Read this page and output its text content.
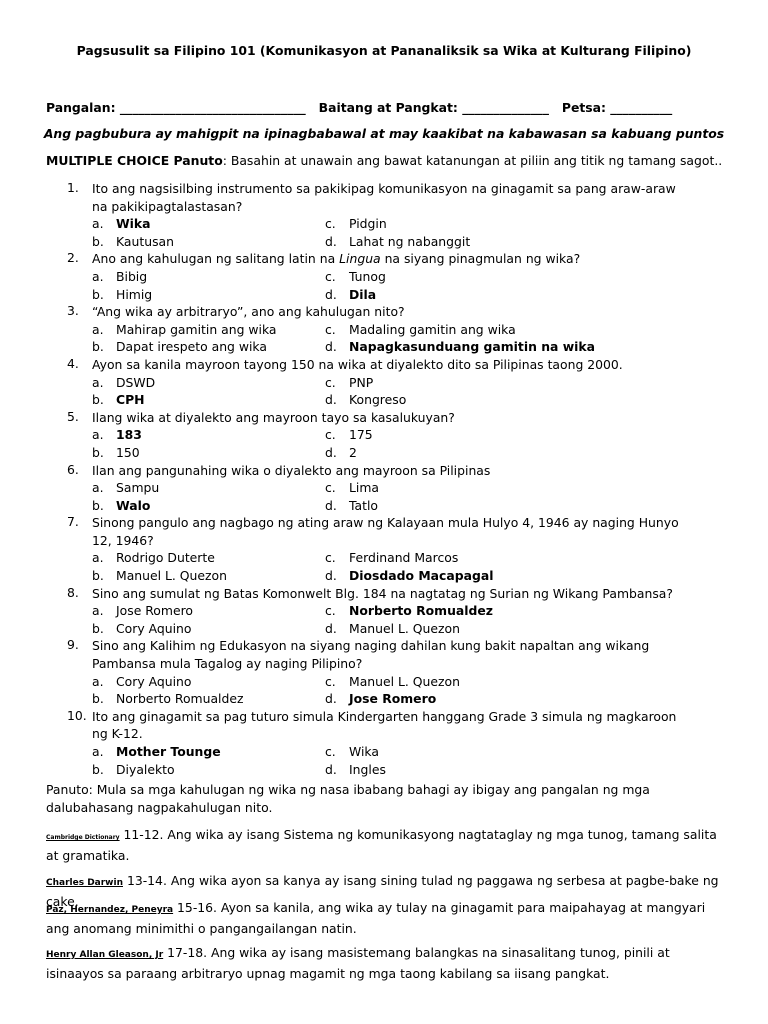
Pagsusulit sa Filipino 101 (Komunikasyon at Pananaliksik sa Wika at Kulturang Filipino)
Pangalan: ______________________________   Baitang at Pangkat: ______________   Petsa: __________
Ang pagbubura ay mahigpit na ipinagbabawal at may kaakibat na kabawasan sa kabuang puntos
MULTIPLE CHOICE Panuto: Basahin at unawain ang bawat katanungan at piliin ang titik ng tamang sagot..
1.	Ito ang nagsisilbing instrumento sa pakikipag komunikasyon na ginagamit sa pang araw-araw na pakikipagtalastasan?
a. Wika
b. Kautusan
c. Pidgin
d. Lahat ng nabanggit
2.	Ano ang kahulugan ng salitang latin na Lingua na siyang pinagmulan ng wika?
a. Bibig
b. Himig
c. Tunog
d. Dila
3.	“Ang wika ay arbitraryo”, ano ang kahulugan nito?
a. Mahirap gamitin ang wika
b. Dapat irespeto ang wika
c. Madaling gamitin ang wika
d. Napagkasunduang gamitin na wika
4.	Ayon sa kanila mayroon tayong 150 na wika at diyalekto dito sa Pilipinas taong 2000.
a. DSWD
b. CPH
c. PNP
d. Kongreso
5.	Ilang wika at diyalekto ang mayroon tayo sa kasalukuyan?
a. 183
b. 150
c. 175
d. 2
6.	Ilan ang pangunahing wika o diyalekto ang mayroon sa Pilipinas
a. Sampu
b. Walo
c. Lima
d. Tatlo
7.	Sinong pangulo ang nagbago ng ating araw ng Kalayaan mula Hulyo 4, 1946 ay naging Hunyo 12, 1946?
a. Rodrigo Duterte
b. Manuel L. Quezon
c. Ferdinand Marcos
d. Diosdado Macapagal
8.	Sino ang sumulat ng Batas Komonwelt Blg. 184 na nagtatag ng Surian ng Wikang Pambansa?
a. Jose Romero
b. Cory Aquino
c. Norberto Romualdez
d. Manuel L. Quezon
9.	Sino ang Kalihim ng Edukasyon na siyang naging dahilan kung bakit napaltan ang wikang Pambansa mula Tagalog ay naging Pilipino?
a. Cory Aquino
b. Norberto Romualdez
c. Manuel L. Quezon
d. Jose Romero
10. Ito ang ginagamit sa pag tuturo simula Kindergarten hanggang Grade 3 simula ng magkaroon ng K-12.
a. Mother Tounge
b. Diyalekto
c. Wika
d. Ingles
Panuto: Mula sa mga kahulugan ng wika ng nasa ibabang bahagi ay ibigay ang pangalan ng mga dalubahasang nagpakahulugan nito.
Cambridge Dictionary 11-12. Ang wika ay isang Sistema ng komunikasyong nagtataglay ng mga tunog, tamang salita at gramatika.
Charles Darwin 13-14. Ang wika ayon sa kanya ay isang sining tulad ng paggawa ng serbesa at pagbe-bake ng cake.
Paz, Hernandez, Peneyra 15-16. Ayon sa kanila, ang wika ay tulay na ginagamit para maipahayag at mangyari ang anomang minimithi o pangangailangan natin.
Henry Allan Gleason, Jr 17-18. Ang wika ay isang masistemang balangkas na sinasalitang tunog, pinili at isinaayos sa paraang arbitraryo upnag magamit ng mga taong kabilang sa iisang pangkat.
